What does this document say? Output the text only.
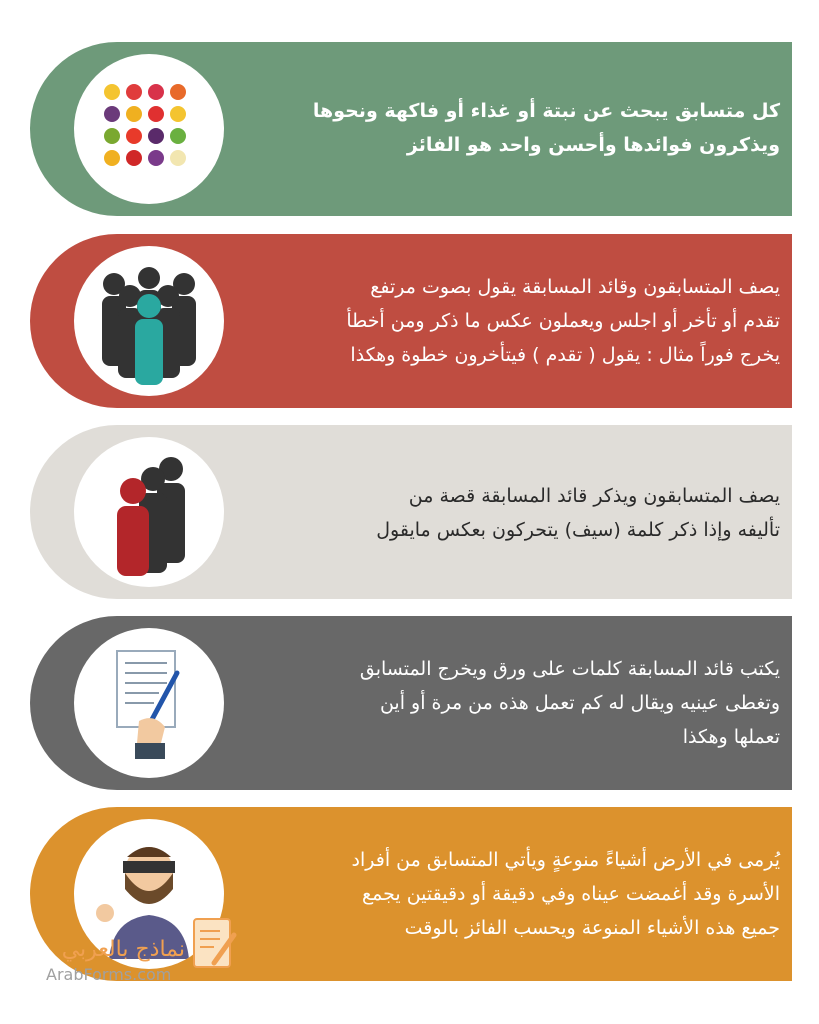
كل متسابق يبحث عن نبتة أو غذاء أو فاكهة ونحوها

ويذكرون فوائدها وأحسن واحد هو الفائز

يصف المتسابقون وقائد المسابقة يقول بصوت مرتفع

تقدم أو تأخر أو اجلس ويعملون عكس ما ذكر ومن أخطأ

يخرج فوراً مثال : يقول ( تقدم ) فيتأخرون خطوة وهكذا

يصف المتسابقون ويذكر قائد المسابقة قصة من

تأليفه وإذا ذكر كلمة (سيف) يتحركون بعكس مايقول

يكتب قائد المسابقة كلمات على ورق ويخرج المتسابق

وتغطى عينيه ويقال له كم تعمل هذه من مرة أو أين

تعملها وهكذا

يُرمى في الأرض أشياءً منوعةٍ ويأتي المتسابق من أفراد

الأسرة وقد أغمضت عيناه وفي دقيقة أو دقيقتين يجمع

جميع هذه الأشياء المنوعة ويحسب الفائز بالوقت

نماذج بالعربي
ArabForms.com
